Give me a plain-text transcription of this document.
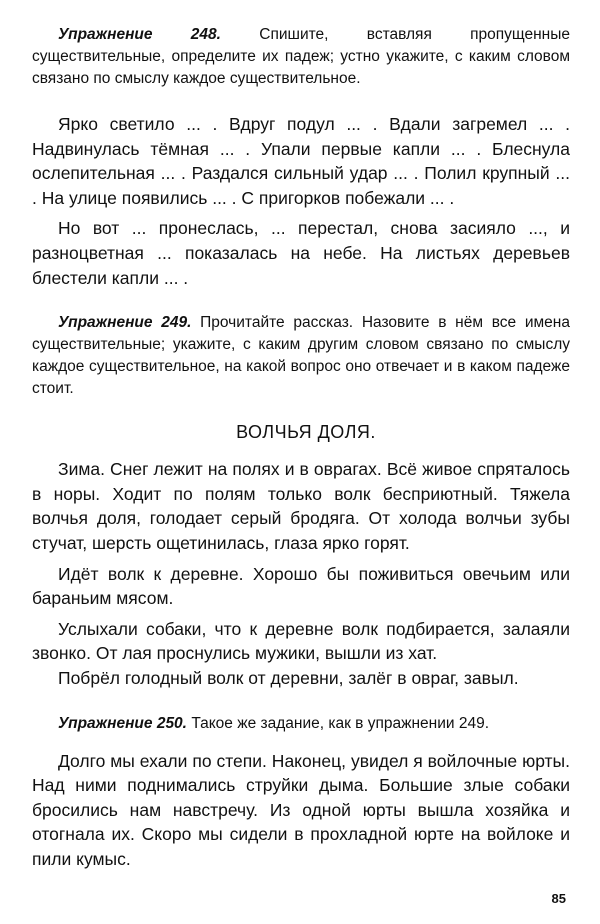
Упражнение 248. Спишите, вставляя пропущенные существительные, определите их падеж; устно укажите, с каким словом связано по смыслу каждое существительное.

Ярко светило ... . Вдруг подул ... . Вдали загремел ... . Надвинулась тёмная ... . Упали первые капли ... . Блеснула ослепительная ... . Раздался сильный удар ... . Полил крупный ... . На улице появились ... . С пригорков побежали ... .

Но вот ... пронеслась, ... перестал, снова засияло ..., и разноцветная ... показалась на небе. На листьях деревьев блестели капли ... .

Упражнение 249. Прочитайте рассказ. Назовите в нём все имена существительные; укажите, с каким другим словом связано по смыслу каждое существительное, на какой вопрос оно отвечает и в каком падеже стоит.

ВОЛЧЬЯ ДОЛЯ.

Зима. Снег лежит на полях и в оврагах. Всё живое спряталось в норы. Ходит по полям только волк бесприютный. Тяжела волчья доля, голодает серый бродяга. От холода волчьи зубы стучат, шерсть ощетинилась, глаза ярко горят.

Идёт волк к деревне. Хорошо бы поживиться овечьим или бараньим мясом.

Услыхали собаки, что к деревне волк подбирается, залаяли звонко. От лая проснулись мужики, вышли из хат.

Побрёл голодный волк от деревни, залёг в овраг, завыл.

Упражнение 250. Такое же задание, как в упражнении 249.

Долго мы ехали по степи. Наконец, увидел я войлочные юрты. Над ними поднимались струйки дыма. Большие злые собаки бросились нам навстречу. Из одной юрты вышла хозяйка и отогнала их. Скоро мы сидели в прохладной юрте на войлоке и пили кумыс.

85
